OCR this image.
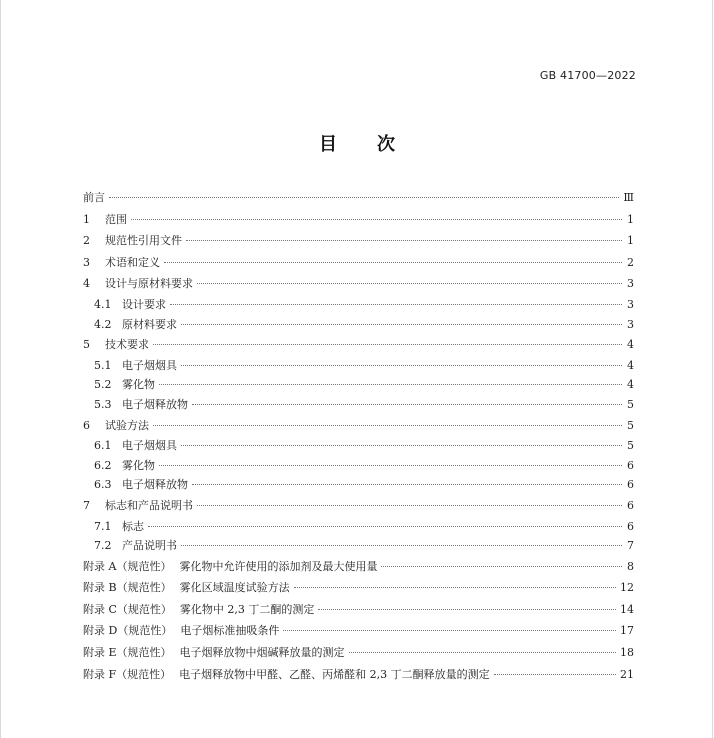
GB 41700—2022
目次
前言	Ⅲ
1	范围	1
2	规范性引用文件	1
3	术语和定义	2
4	设计与原材料要求	3
4.1 设计要求	3
4.2 原材料要求	3
5	技术要求	4
5.1 电子烟烟具	4
5.2 雾化物	4
5.3 电子烟释放物	5
6	试验方法	5
6.1 电子烟烟具	5
6.2 雾化物	6
6.3 电子烟释放物	6
7	标志和产品说明书	6
7.1 标志	6
7.2 产品说明书	7
附录 A（规范性） 雾化物中允许使用的添加剂及最大使用量	8
附录 B（规范性） 雾化区域温度试验方法	12
附录 C（规范性） 雾化物中 2,3 丁二酮的测定	14
附录 D（规范性） 电子烟标准抽吸条件	17
附录 E（规范性） 电子烟释放物中烟碱释放量的测定	18
附录 F（规范性） 电子烟释放物中甲醛、乙醛、丙烯醛和 2,3 丁二酮释放量的测定	21
